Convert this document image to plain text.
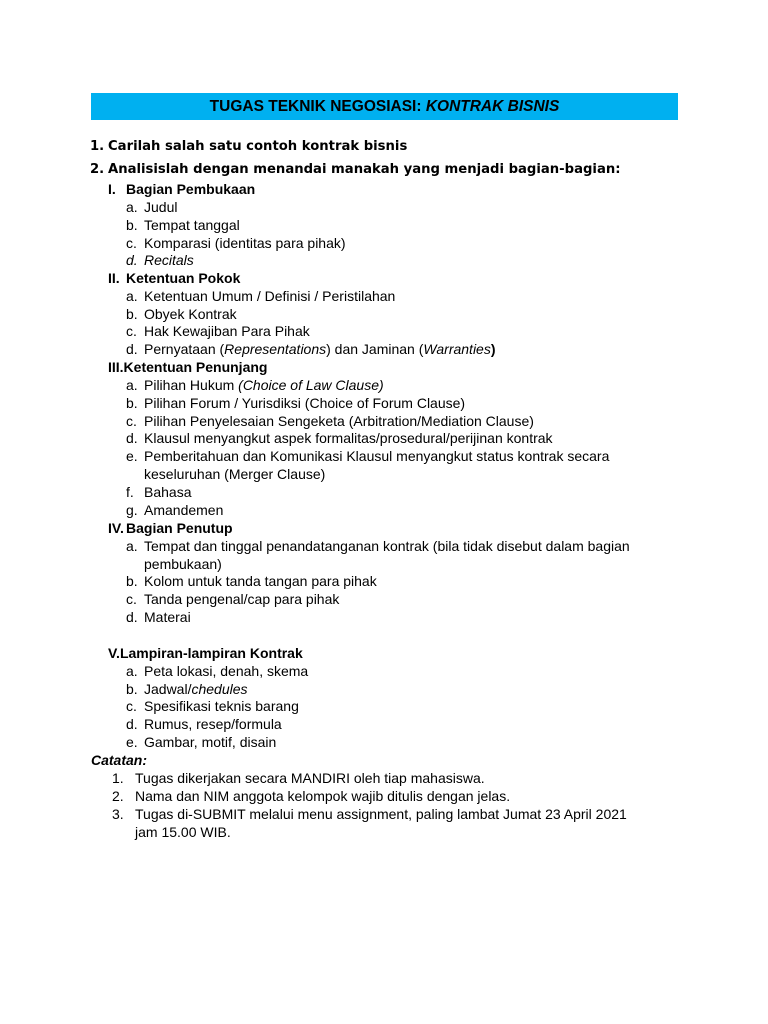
TUGAS TEKNIK NEGOSIASI: KONTRAK BISNIS
1. Carilah salah satu contoh kontrak bisnis
2. Analisislah dengan menandai manakah yang menjadi bagian-bagian:
I. Bagian Pembukaan
a. Judul
b. Tempat tanggal
c. Komparasi (identitas para pihak)
d. Recitals
II. Ketentuan Pokok
a. Ketentuan Umum / Definisi / Peristilahan
b. Obyek Kontrak
c. Hak Kewajiban Para Pihak
d. Pernyataan (Representations) dan Jaminan (Warranties)
III.Ketentuan Penunjang
a. Pilihan Hukum (Choice of Law Clause)
b. Pilihan Forum / Yurisdiksi (Choice of Forum Clause)
c. Pilihan Penyelesaian Sengeketa (Arbitration/Mediation Clause)
d. Klausul menyangkut aspek formalitas/prosedural/perijinan kontrak
e. Pemberitahuan dan Komunikasi Klausul menyangkut status kontrak secara
keseluruhan (Merger Clause)
f. Bahasa
g. Amandemen
IV. Bagian Penutup
a. Tempat dan tinggal penandatanganan kontrak (bila tidak disebut dalam bagian
pembukaan)
b. Kolom untuk tanda tangan para pihak
c. Tanda pengenal/cap para pihak
d. Materai
V.Lampiran-lampiran Kontrak
a. Peta lokasi, denah, skema
b. Jadwal/chedules
c. Spesifikasi teknis barang
d. Rumus, resep/formula
e. Gambar, motif, disain
Catatan:
1. Tugas dikerjakan secara MANDIRI oleh tiap mahasiswa.
2. Nama dan NIM anggota kelompok wajib ditulis dengan jelas.
3. Tugas di-SUBMIT melalui menu assignment, paling lambat Jumat 23 April 2021
jam 15.00 WIB.
